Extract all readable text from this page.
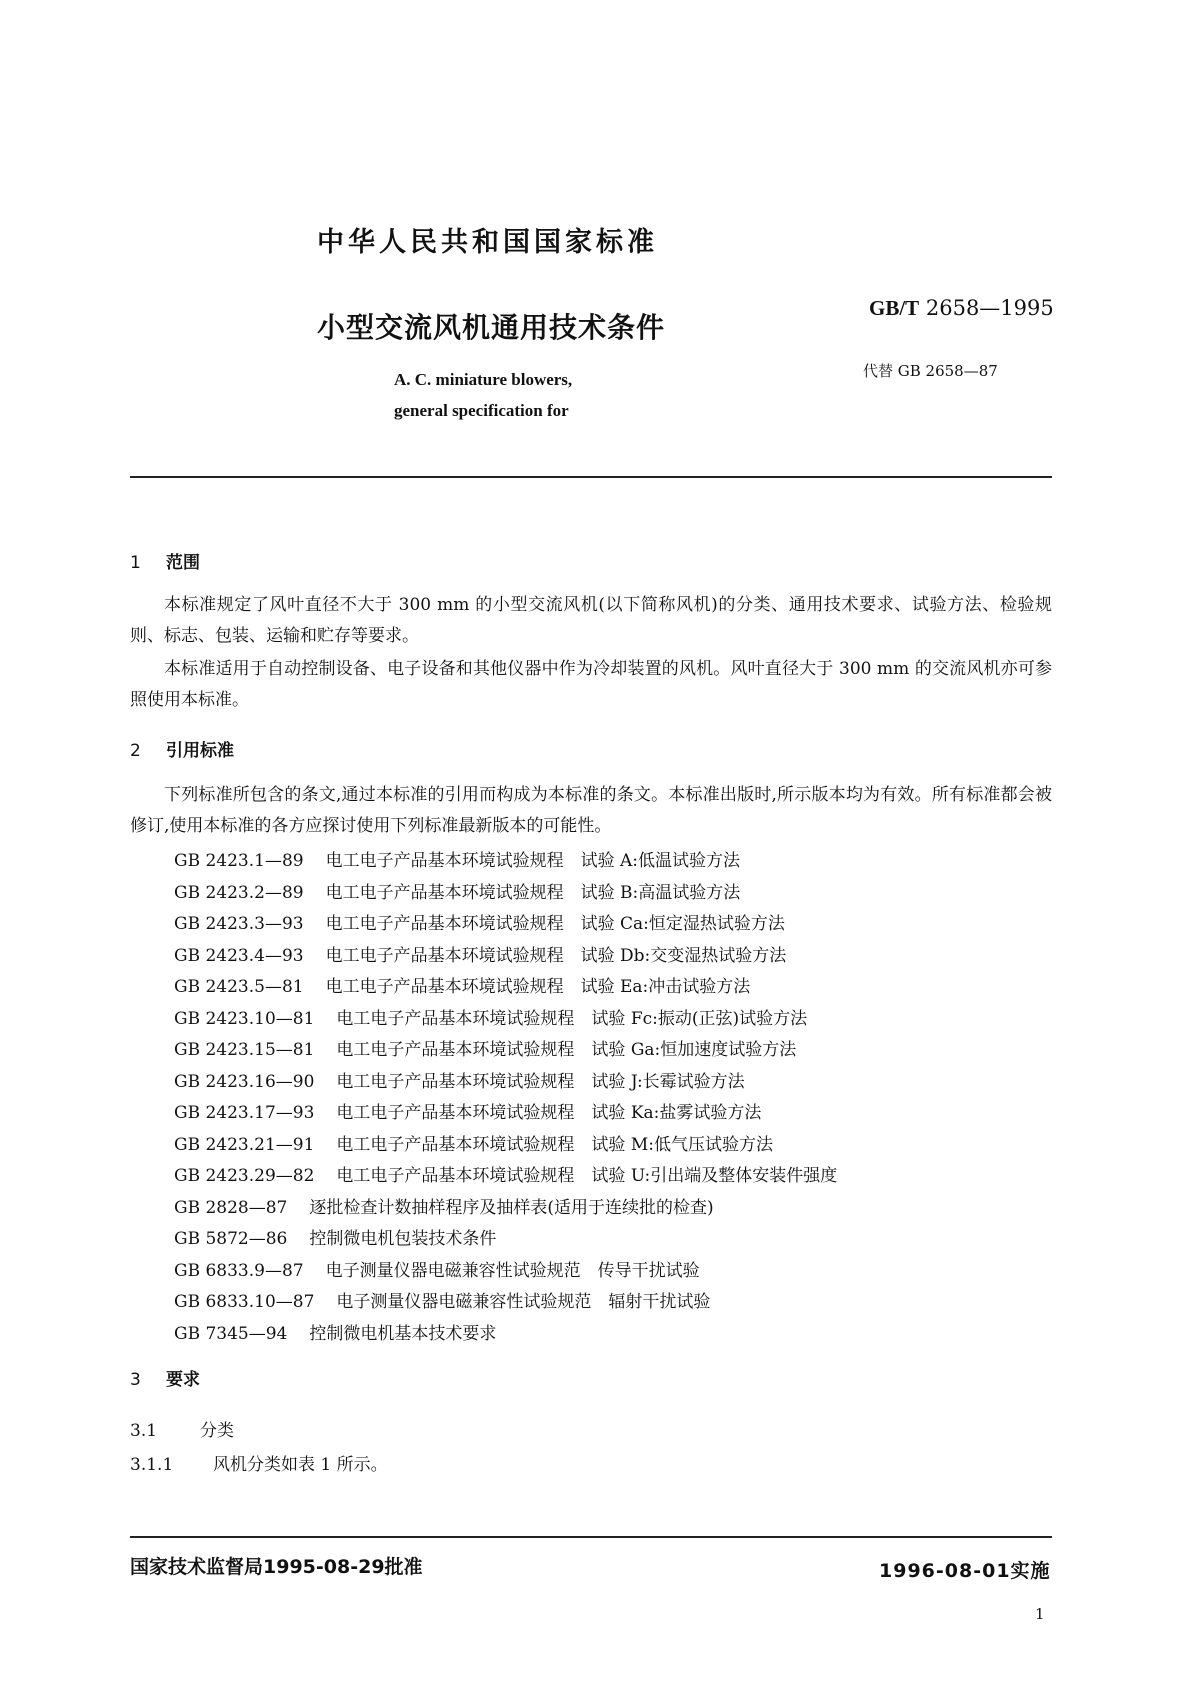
中华人民共和国国家标准
小型交流风机通用技术条件
GB/T 2658—1995
代替 GB 2658—87
A. C. miniature blowers,
general specification for
1 范围
本标准规定了风叶直径不大于 300 mm 的小型交流风机(以下简称风机)的分类、通用技术要求、试验方法、检验规则、标志、包装、运输和贮存等要求。
本标准适用于自动控制设备、电子设备和其他仪器中作为冷却装置的风机。风叶直径大于 300 mm 的交流风机亦可参照使用本标准。
2 引用标准
下列标准所包含的条文,通过本标准的引用而构成为本标准的条文。本标准出版时,所示版本均为有效。所有标准都会被修订,使用本标准的各方应探讨使用下列标准最新版本的可能性。
GB 2423.1—89 电工电子产品基本环境试验规程　试验 A:低温试验方法
GB 2423.2—89 电工电子产品基本环境试验规程　试验 B:高温试验方法
GB 2423.3—93 电工电子产品基本环境试验规程　试验 Ca:恒定湿热试验方法
GB 2423.4—93 电工电子产品基本环境试验规程　试验 Db:交变湿热试验方法
GB 2423.5—81 电工电子产品基本环境试验规程　试验 Ea:冲击试验方法
GB 2423.10—81 电工电子产品基本环境试验规程　试验 Fc:振动(正弦)试验方法
GB 2423.15—81 电工电子产品基本环境试验规程　试验 Ga:恒加速度试验方法
GB 2423.16—90 电工电子产品基本环境试验规程　试验 J:长霉试验方法
GB 2423.17—93 电工电子产品基本环境试验规程　试验 Ka:盐雾试验方法
GB 2423.21—91 电工电子产品基本环境试验规程　试验 M:低气压试验方法
GB 2423.29—82 电工电子产品基本环境试验规程　试验 U:引出端及整体安装件强度
GB 2828—87 逐批检查计数抽样程序及抽样表(适用于连续批的检查)
GB 5872—86 控制微电机包装技术条件
GB 6833.9—87 电子测量仪器电磁兼容性试验规范　传导干扰试验
GB 6833.10—87 电子测量仪器电磁兼容性试验规范　辐射干扰试验
GB 7345—94 控制微电机基本技术要求
3 要求
3.1	分类
3.1.1 风机分类如表 1 所示。
国家技术监督局1995-08-29批准	1996-08-01实施
1
